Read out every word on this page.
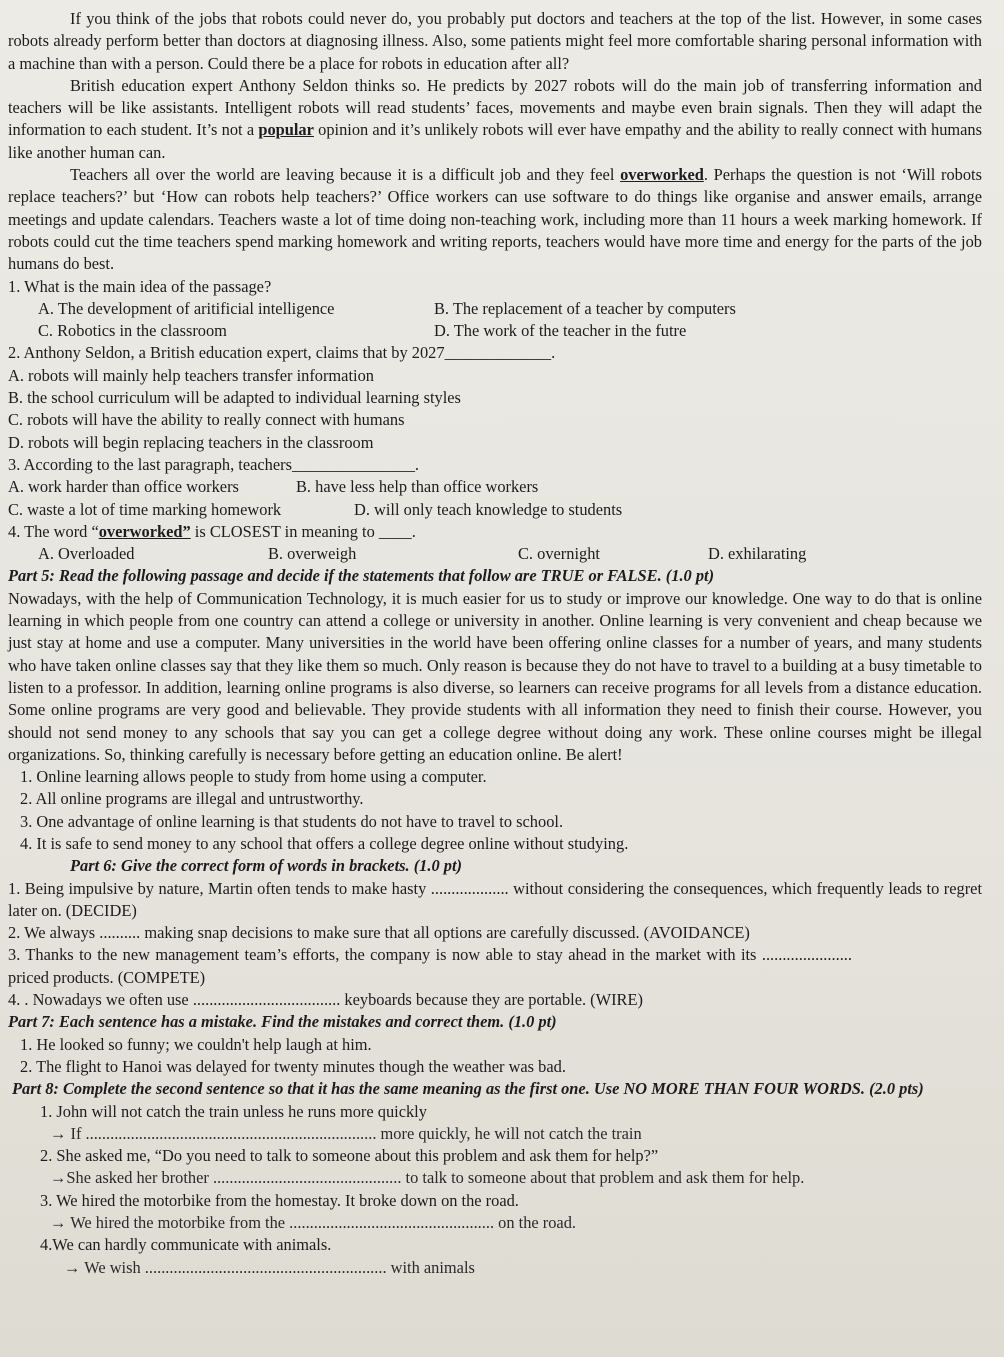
If you think of the jobs that robots could never do, you probably put doctors and teachers at the top of the list. However, in some cases robots already perform better than doctors at diagnosing illness. Also, some patients might feel more comfortable sharing personal information with a machine than with a person. Could there be a place for robots in education after all?

British education expert Anthony Seldon thinks so. He predicts by 2027 robots will do the main job of transferring information and teachers will be like assistants. Intelligent robots will read students’ faces, movements and maybe even brain signals. Then they will adapt the information to each student. It’s not a popular opinion and it’s unlikely robots will ever have empathy and the ability to really connect with humans like another human can.

Teachers all over the world are leaving because it is a difficult job and they feel overworked. Perhaps the question is not ‘Will robots replace teachers?’ but ‘How can robots help teachers?’ Office workers can use software to do things like organise and answer emails, arrange meetings and update calendars. Teachers waste a lot of time doing non-teaching work, including more than 11 hours a week marking homework. If robots could cut the time teachers spend marking homework and writing reports, teachers would have more time and energy for the parts of the job humans do best.

1. What is the main idea of the passage?
A. The development of aritificial intelligence	B. The replacement of a teacher by computers
C. Robotics in the classroom	D. The work of the teacher in the futre
2. Anthony Seldon, a British education expert, claims that by 2027_____________.
A. robots will mainly help teachers transfer information
B. the school curriculum will be adapted to individual learning styles
C. robots will have the ability to really connect with humans
D. robots will begin replacing teachers in the classroom
3. According to the last paragraph, teachers_______________.
A. work harder than office workers	B. have less help than office workers
C. waste a lot of time marking homework	D. will only teach knowledge to students
4. The word “overworked” is CLOSEST in meaning to ____.
A. Overloaded	B. overweigh	C. overnight	D. exhilarating
Part 5: Read the following passage and decide if the statements that follow are TRUE or FALSE. (1.0 pt)

Nowadays, with the help of Communication Technology, it is much easier for us to study or improve our knowledge. One way to do that is online learning in which people from one country can attend a college or university in another. Online learning is very convenient and cheap because we just stay at home and use a computer. Many universities in the world have been offering online classes for a number of years, and many students who have taken online classes say that they like them so much. Only reason is because they do not have to travel to a building at a busy timetable to listen to a professor. In addition, learning online programs is also diverse, so learners can receive programs for all levels from a distance education. Some online programs are very good and believable. They provide students with all information they need to finish their course. However, you should not send money to any schools that say you can get a college degree without doing any work. These online courses might be illegal organizations. So, thinking carefully is necessary before getting an education online. Be alert!

1. Online learning allows people to study from home using a computer.
2. All online programs are illegal and untrustworthy.
3. One advantage of online learning is that students do not have to travel to school.
4. It is safe to send money to any school that offers a college degree online without studying.
Part 6: Give the correct form of words in brackets. (1.0 pt)

1. Being impulsive by nature, Martin often tends to make hasty ................... without considering the consequences, which frequently leads to regret later on. (DECIDE)

2. We always .......... making snap decisions to make sure that all options are carefully discussed. (AVOIDANCE)

3. Thanks to the new management team’s efforts, the company is now able to stay ahead in the market with its ...................... priced products. (COMPETE)

4. . Nowadays we often use .................................... keyboards because they are portable. (WIRE)

Part 7: Each sentence has a mistake. Find the mistakes and correct them. (1.0 pt)
1. He looked so funny; we couldn't help laugh at him.
2. The flight to Hanoi was delayed for twenty minutes though the weather was bad.
Part 8: Complete the second sentence so that it has the same meaning as the first one. Use NO MORE THAN FOUR WORDS. (2.0 pts)
1. John will not catch the train unless he runs more quickly
→ If ....................................................................... more quickly, he will not catch the train
2. She asked me, “Do you need to talk to someone about this problem and ask them for help?”
→She asked her brother .............................................. to talk to someone about that problem and ask them for help.
3. We hired the motorbike from the homestay. It broke down on the road.
→ We hired the motorbike from the .................................................. on the road.
4.We can hardly communicate with animals.
→ We wish ........................................................... with animals
